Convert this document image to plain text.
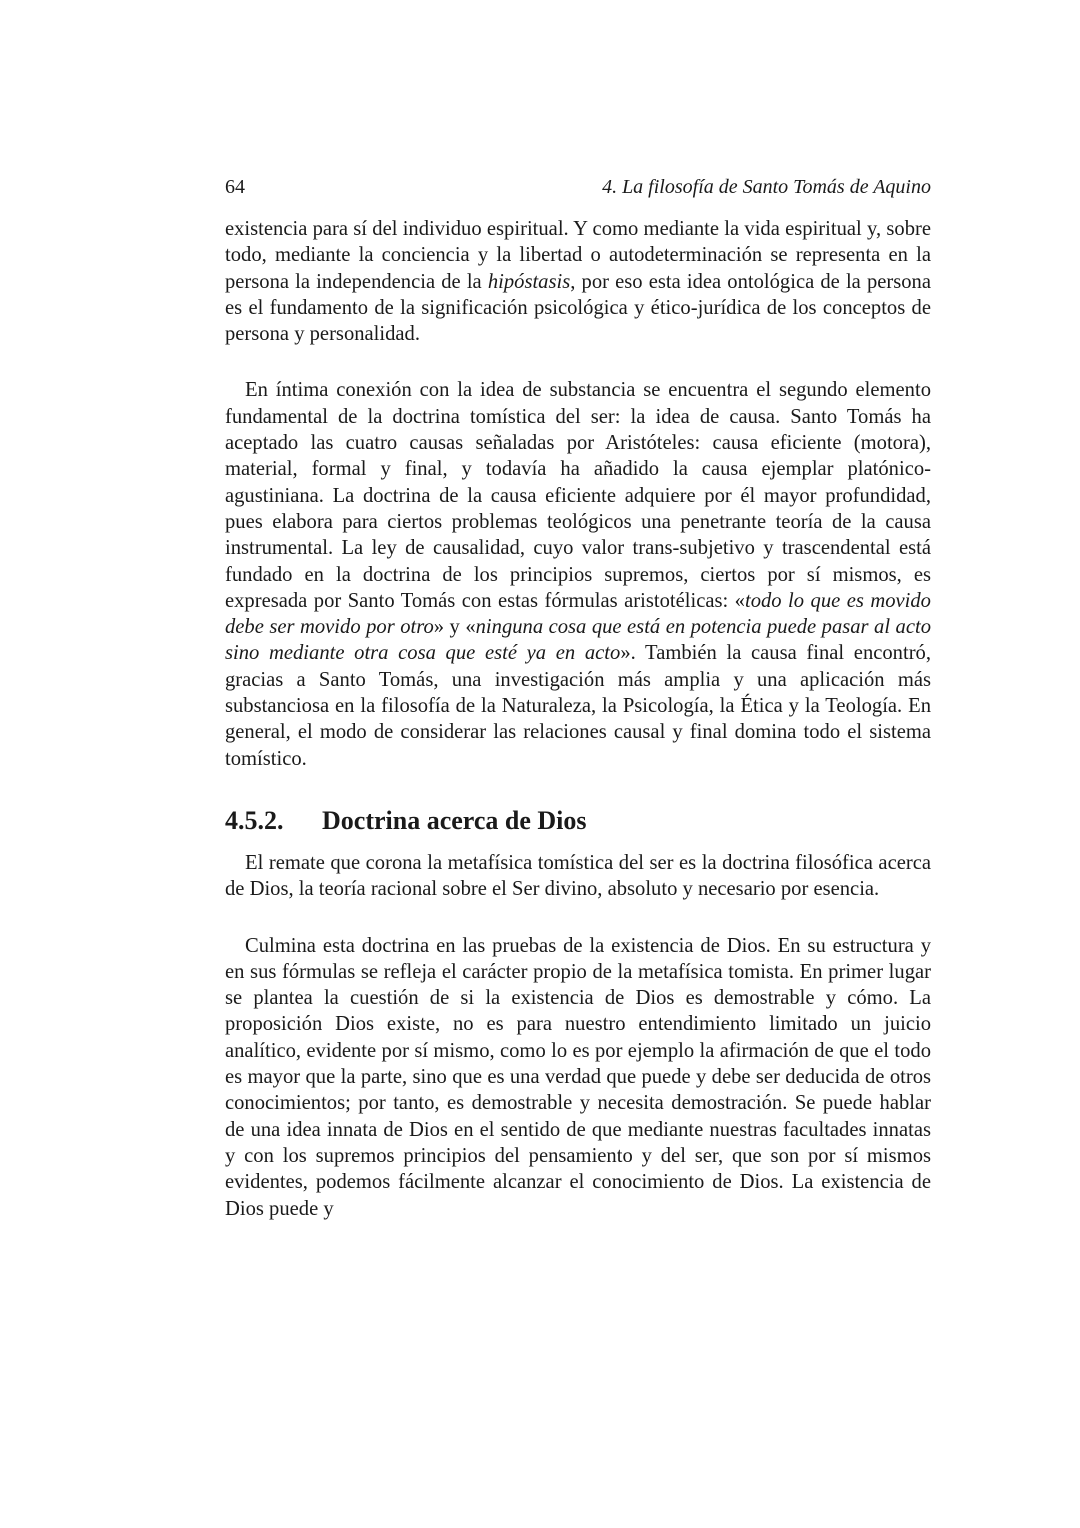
64	4. La filosofía de Santo Tomás de Aquino

existencia para sí del individuo espiritual. Y como mediante la vida espiritual y, sobre todo, mediante la conciencia y la libertad o autodeterminación se representa en la persona la independencia de la hipóstasis, por eso esta idea ontológica de la persona es el fundamento de la significación psicológica y ético-jurídica de los conceptos de persona y personalidad.

En íntima conexión con la idea de substancia se encuentra el segundo elemento fundamental de la doctrina tomística del ser: la idea de causa. Santo Tomás ha aceptado las cuatro causas señaladas por Aristóteles: causa eficiente (motora), material, formal y final, y todavía ha añadido la causa ejemplar platónico-agustiniana. La doctrina de la causa eficiente adquiere por él mayor profundidad, pues elabora para ciertos problemas teológicos una penetrante teoría de la causa instrumental. La ley de causalidad, cuyo valor trans-subjetivo y trascendental está fundado en la doctrina de los principios supremos, ciertos por sí mismos, es expresada por Santo Tomás con estas fórmulas aristotélicas: «todo lo que es movido debe ser movido por otro» y «ninguna cosa que está en potencia puede pasar al acto sino mediante otra cosa que esté ya en acto». También la causa final encontró, gracias a Santo Tomás, una investigación más amplia y una aplicación más substanciosa en la filosofía de la Naturaleza, la Psicología, la Ética y la Teología. En general, el modo de considerar las relaciones causal y final domina todo el sistema tomístico.

4.5.2.	Doctrina acerca de Dios

El remate que corona la metafísica tomística del ser es la doctrina filosófica acerca de Dios, la teoría racional sobre el Ser divino, absoluto y necesario por esencia.

Culmina esta doctrina en las pruebas de la existencia de Dios. En su estructura y en sus fórmulas se refleja el carácter propio de la metafísica tomista. En primer lugar se plantea la cuestión de si la existencia de Dios es demostrable y cómo. La proposición Dios existe, no es para nuestro entendimiento limitado un juicio analítico, evidente por sí mismo, como lo es por ejemplo la afirmación de que el todo es mayor que la parte, sino que es una verdad que puede y debe ser deducida de otros conocimientos; por tanto, es demostrable y necesita demostración. Se puede hablar de una idea innata de Dios en el sentido de que mediante nuestras facultades innatas y con los supremos principios del pensamiento y del ser, que son por sí mismos evidentes, podemos fácilmente alcanzar el conocimiento de Dios. La existencia de Dios puede y
